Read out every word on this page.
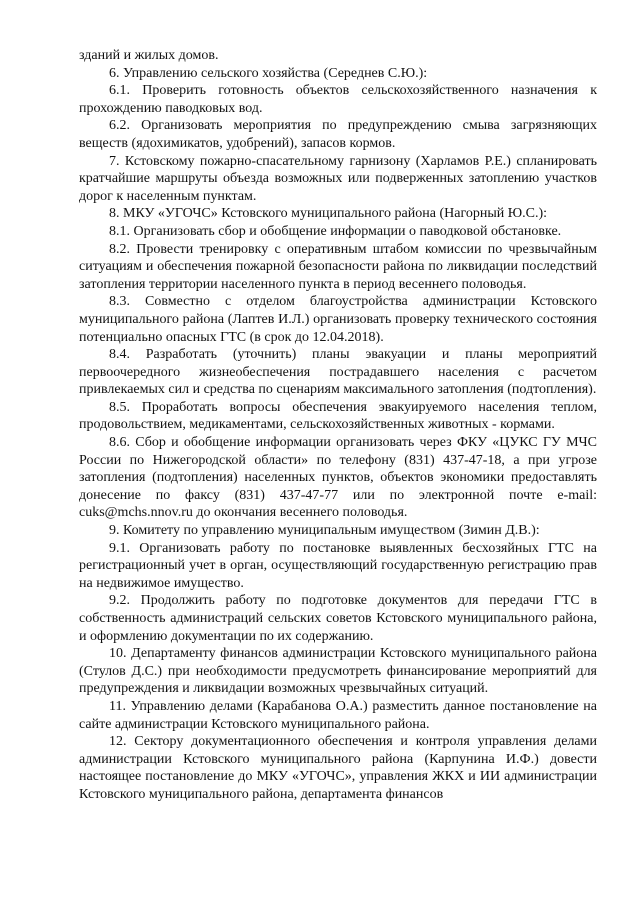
зданий и жилых домов.

6. Управлению сельского хозяйства (Середнев С.Ю.):

6.1. Проверить готовность объектов сельскохозяйственного назначения к прохождению паводковых вод.

6.2. Организовать мероприятия по предупреждению смыва загрязняющих веществ (ядохимикатов, удобрений), запасов кормов.

7. Кстовскому пожарно-спасательному гарнизону (Харламов Р.Е.) спланировать кратчайшие маршруты объезда возможных или подверженных затоплению участков дорог к населенным пунктам.

8. МКУ «УГОЧС» Кстовского муниципального района (Нагорный Ю.С.):

8.1. Организовать сбор и обобщение информации о паводковой обстановке.

8.2. Провести тренировку с оперативным штабом комиссии по чрезвычайным ситуациям и обеспечения пожарной безопасности района по ликвидации последствий затопления территории населенного пункта в период весеннего половодья.

8.3. Совместно с отделом благоустройства администрации Кстовского муниципального района (Лаптев И.Л.) организовать проверку технического состояния потенциально опасных ГТС (в срок до 12.04.2018).

8.4. Разработать (уточнить) планы эвакуации и планы мероприятий первоочередного жизнеобеспечения пострадавшего населения с расчетом привлекаемых сил и средства по сценариям максимального затопления (подтопления).

8.5. Проработать вопросы обеспечения эвакуируемого населения теплом, продовольствием, медикаментами, сельскохозяйственных животных - кормами.

8.6. Сбор и обобщение информации организовать через ФКУ «ЦУКС ГУ МЧС России по Нижегородской области» по телефону (831) 437-47-18, а при угрозе затопления (подтопления) населенных пунктов, объектов экономики предоставлять донесение по факсу (831) 437-47-77 или по электронной почте e-mail: cuks@mchs.nnov.ru до окончания весеннего половодья.

9. Комитету по управлению муниципальным имуществом (Зимин Д.В.):

9.1. Организовать работу по постановке выявленных бесхозяйных ГТС на регистрационный учет в орган, осуществляющий государственную регистрацию прав на недвижимое имущество.

9.2. Продолжить работу по подготовке документов для передачи ГТС в собственность администраций сельских советов Кстовского муниципального района, и оформлению документации по их содержанию.

10. Департаменту финансов администрации Кстовского муниципального района (Стулов Д.С.) при необходимости предусмотреть финансирование мероприятий для предупреждения и ликвидации возможных чрезвычайных ситуаций.

11. Управлению делами (Карабанова О.А.) разместить данное постановление на сайте администрации Кстовского муниципального района.

12. Сектору документационного обеспечения и контроля управления делами администрации Кстовского муниципального района (Карпунина И.Ф.) довести настоящее постановление до МКУ «УГОЧС», управления ЖКХ и ИИ администрации Кстовского муниципального района, департамента финансов
